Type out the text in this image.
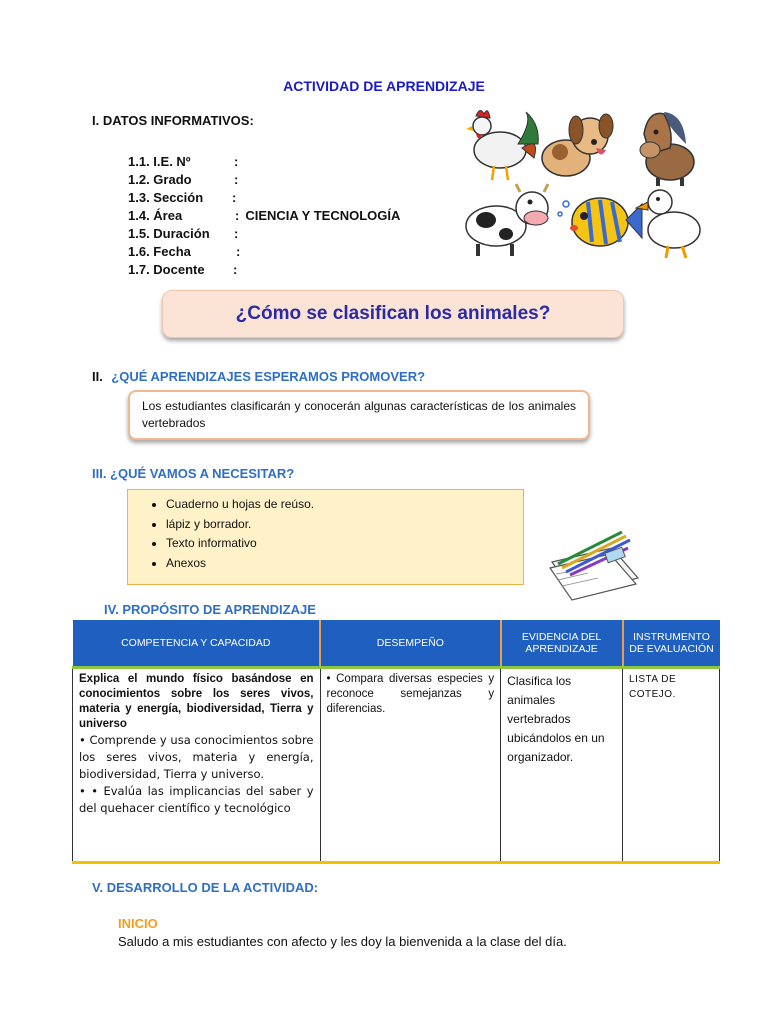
ACTIVIDAD DE APRENDIZAJE
I. DATOS INFORMATIVOS:
1.1. I.E. Nº	:
1.2. Grado	:
1.3. Sección	:
1.4. Área	: CIENCIA Y TECNOLOGÍA
1.5. Duración	:
1.6. Fecha	:
1.7. Docente	:
¿Cómo se clasifican los animales?
II. ¿QUÉ APRENDIZAJES ESPERAMOS PROMOVER?
Los estudiantes clasificarán y conocerán algunas características de los animales vertebrados
III. ¿QUÉ VAMOS A NECESITAR?
• Cuaderno u hojas de reúso.
• lápiz y borrador.
• Texto informativo
• Anexos
IV. PROPÓSITO DE APRENDIZAJE
COMPETENCIA Y CAPACIDAD	DESEMPEÑO	EVIDENCIA DEL APRENDIZAJE	INSTRUMENTO DE EVALUACIÓN

Explica el mundo físico basándose en conocimientos sobre los seres vivos, materia y energía, biodiversidad, Tierra y universo
• Comprende y usa conocimientos sobre los seres vivos, materia y energía, biodiversidad, Tierra y universo.
• • Evalúa las implicancias del saber y del quehacer científico y tecnológico	• Compara diversas especies y reconoce semejanzas y diferencias.	Clasifica los animales vertebrados ubicándolos en un organizador.	LISTA DE COTEJO.
V. DESARROLLO DE LA ACTIVIDAD:
INICIO
Saludo a mis estudiantes con afecto y les doy la bienvenida a la clase del día.
